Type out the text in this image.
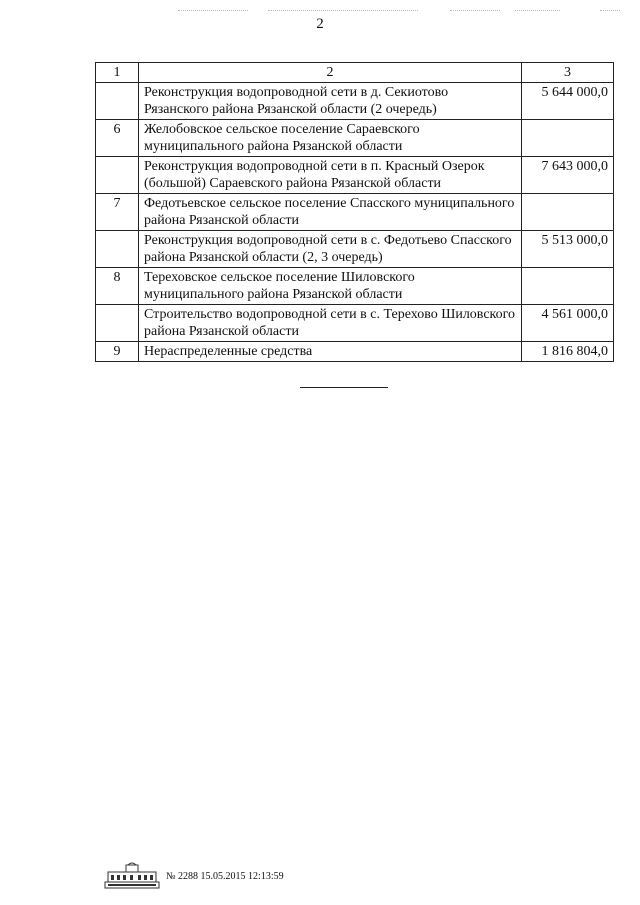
2
1	2	3
	Реконструкция водопроводной сети в д. Секиотово Рязанского района Рязанской области (2 очередь)	5 644 000,0
6	Желобовское сельское поселение Сараевского муниципального района Рязанской области	
	Реконструкция водопроводной сети в п. Красный Озерок (большой) Сараевского района Рязанской области	7 643 000,0
7	Федотьевское сельское поселение Спасского муниципального района Рязанской области	
	Реконструкция водопроводной сети в с. Федотьево Спасского района Рязанской области (2, 3 очередь)	5 513 000,0
8	Тереховское сельское поселение Шиловского муниципального района Рязанской области	
	Строительство водопроводной сети в с. Терехово Шиловского района Рязанской области	4 561 000,0
9	Нераспределенные средства	1 816 804,0
№ 2288 15.05.2015 12:13:59
